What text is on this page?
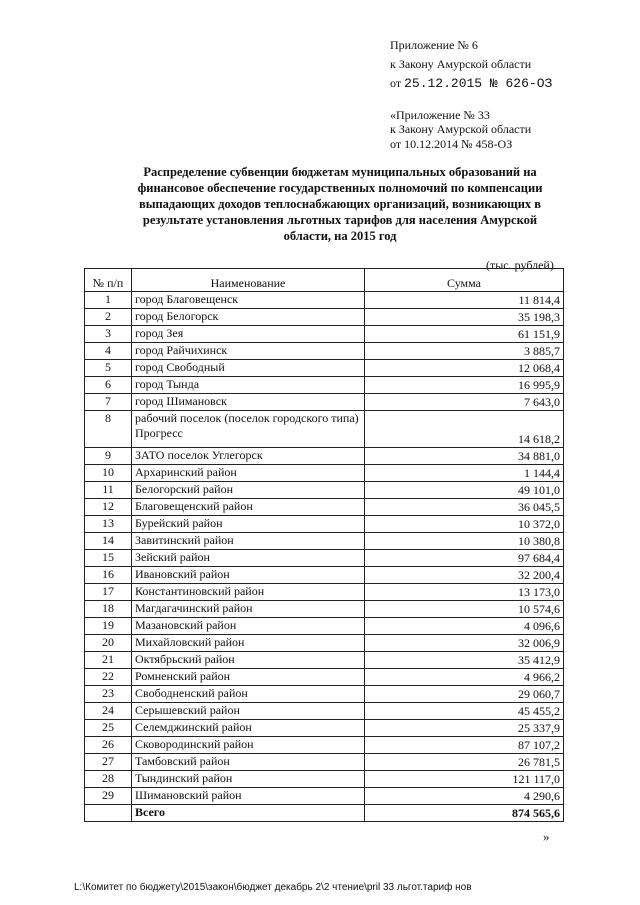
Приложение № 6
к Закону Амурской области
от 25.12.2015 № 626-ОЗ
«Приложение № 33
к Закону Амурской области
от 10.12.2014 № 458-ОЗ
Распределение субвенции бюджетам муниципальных образований на
финансовое обеспечение государственных полномочий по компенсации
выпадающих доходов теплоснабжающих организаций, возникающих в
результате установления льготных тарифов для населения Амурской
области, на 2015 год
(тыс. рублей)
№ п/п	Наименование	Сумма
1	город Благовещенск	11 814,4
2	город Белогорск	35 198,3
3	город Зея	61 151,9
4	город Райчихинск	3 885,7
5	город Свободный	12 068,4
6	город Тында	16 995,9
7	город Шимановск	7 643,0
8	рабочий поселок (поселок городского типа) Прогресс	14 618,2
9	ЗАТО поселок Углегорск	34 881,0
10	Архаринский район	1 144,4
11	Белогорский район	49 101,0
12	Благовещенский район	36 045,5
13	Бурейский район	10 372,0
14	Завитинский район	10 380,8
15	Зейский район	97 684,4
16	Ивановский район	32 200,4
17	Константиновский район	13 173,0
18	Магдагачинский район	10 574,6
19	Мазановский район	4 096,6
20	Михайловский район	32 006,9
21	Октябрьский район	35 412,9
22	Ромненский район	4 966,2
23	Свободненский район	29 060,7
24	Серышевский район	45 455,2
25	Селемджинский район	25 337,9
26	Сковородинский район	87 107,2
27	Тамбовский район	26 781,5
28	Тындинский район	121 117,0
29	Шимановский район	4 290,6
	Всего	874 565,6
»
L:\Комитет по бюджету\2015\закон\бюджет декабрь 2\2 чтение\pril 33 льгот.тариф нов
